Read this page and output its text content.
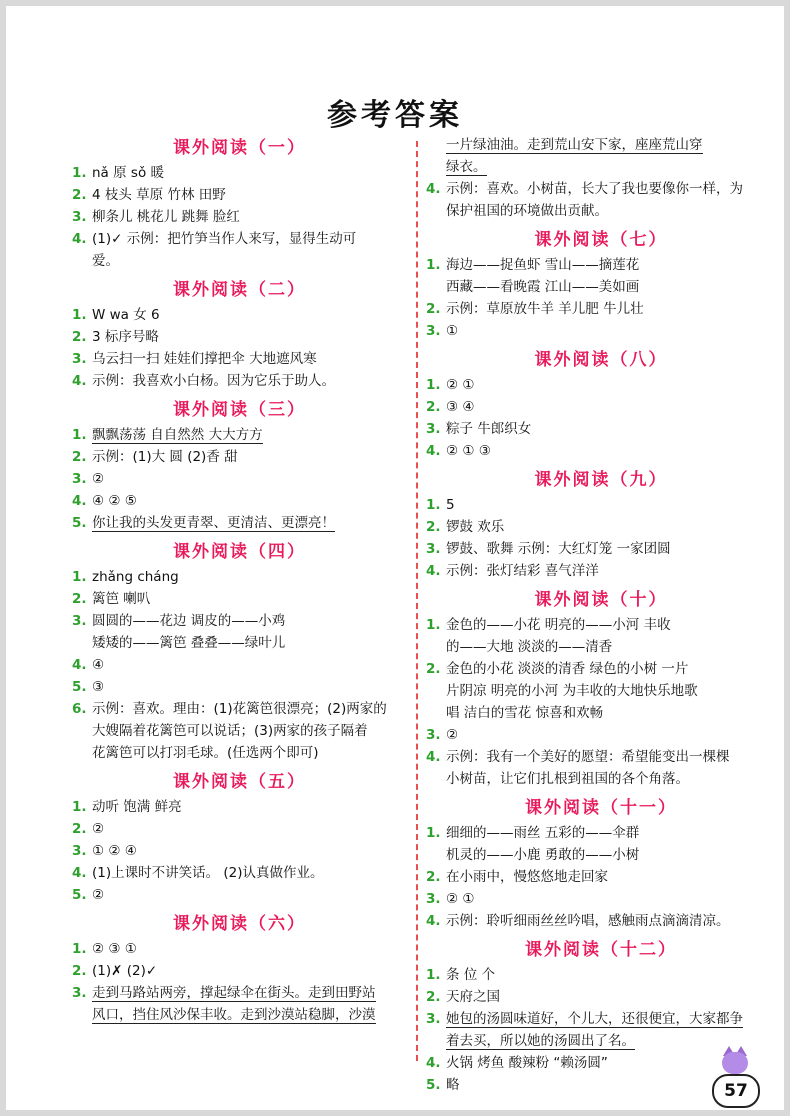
参考答案
课外阅读（一）
1. nǎ 原 sǒ 暖
2. 4 枝头 草原 竹林 田野
3. 柳条儿 桃花儿 跳舞 脸红
4. (1)✓ 示例：把竹笋当作人来写，显得生动可
爱。
课外阅读（二）
1. W wa 女 6
2. 3 标序号略
3. 乌云扫一扫 娃娃们撑把伞 大地遮风寒
4. 示例：我喜欢小白杨。因为它乐于助人。
课外阅读（三）
1. 飘飘荡荡 自自然然 大大方方
2. 示例：(1)大 圆 (2)香 甜
3. ②
4. ④ ② ⑤
5. 你让我的头发更青翠、更清洁、更漂亮！
课外阅读（四）
1. zhǎng cháng
2. 篱笆 喇叭
3. 圆圆的——花边 调皮的——小鸡
矮矮的——篱笆 叠叠——绿叶儿
4. ④
5. ③
6. 示例：喜欢。理由：(1)花篱笆很漂亮；(2)两家的
大嫂隔着花篱笆可以说话；(3)两家的孩子隔着
花篱笆可以打羽毛球。(任选两个即可)
课外阅读（五）
1. 动听 饱满 鲜亮
2. ②
3. ① ② ④
4. (1)上课时不讲笑话。 (2)认真做作业。
5. ②
课外阅读（六）
1. ② ③ ①
2. (1)✗ (2)✓
3. 走到马路站两旁，撑起绿伞在街头。走到田野站
风口，挡住风沙保丰收。走到沙漠站稳脚，沙漠
一片绿油油。走到荒山安下家，座座荒山穿
绿衣。
4. 示例：喜欢。小树苗，长大了我也要像你一样，为
保护祖国的环境做出贡献。
课外阅读（七）
1. 海边——捉鱼虾 雪山——摘莲花
西藏——看晚霞 江山——美如画
2. 示例：草原放牛羊 羊儿肥 牛儿壮
3. ①
课外阅读（八）
1. ② ①
2. ③ ④
3. 粽子 牛郎织女
4. ② ① ③
课外阅读（九）
1. 5
2. 锣鼓 欢乐
3. 锣鼓、歌舞 示例：大红灯笼 一家团圆
4. 示例：张灯结彩 喜气洋洋
课外阅读（十）
1. 金色的——小花 明亮的——小河 丰收
的——大地 淡淡的——清香
2. 金色的小花 淡淡的清香 绿色的小树 一片
片阴凉 明亮的小河 为丰收的大地快乐地歌
唱 洁白的雪花 惊喜和欢畅
3. ②
4. 示例：我有一个美好的愿望：希望能变出一棵棵
小树苗，让它们扎根到祖国的各个角落。
课外阅读（十一）
1. 细细的——雨丝 五彩的——伞群
机灵的——小鹿 勇敢的——小树
2. 在小雨中，慢悠悠地走回家
3. ② ①
4. 示例：聆听细雨丝丝吟唱，感触雨点滴滴清凉。
课外阅读（十二）
1. 条 位 个
2. 天府之国
3. 她包的汤圆味道好，个儿大，还很便宜，大家都争
着去买，所以她的汤圆出了名。
4. 火锅 烤鱼 酸辣粉 “赖汤圆”
5. 略	57
